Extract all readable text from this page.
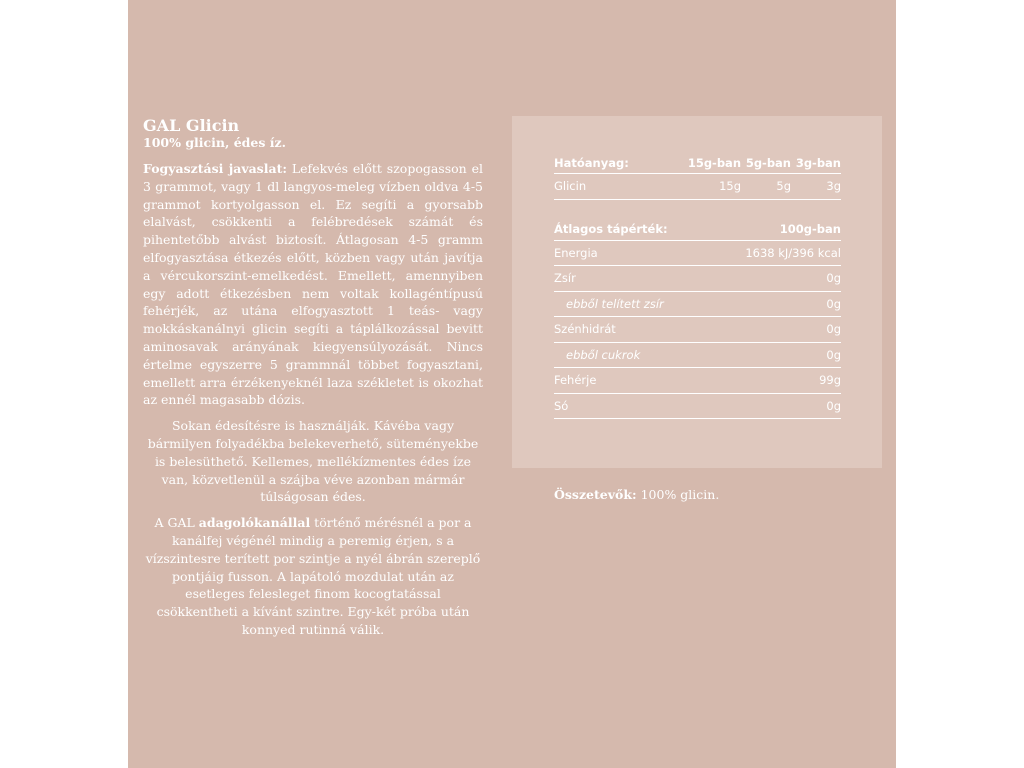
GAL Glicin
100% glicin, édes íz.

Fogyasztási javaslat: Lefekvés előtt szopogasson el 3 grammot, vagy 1 dl langyos-meleg vízben oldva 4-5 grammot kortyolgasson el. Ez segíti a gyorsabb elalvást, csökkenti a felébredések számát és pihentetőbb alvást biztosít. Átlagosan 4-5 gramm elfogyasztása étkezés előtt, közben vagy után javítja a vércukorszint-emelkedést. Emellett, amennyiben egy adott étkezésben nem voltak kollagéntípusú fehérjék, az utána elfogyasztott 1 teás- vagy mokkáskanálnyi glicin segíti a táplálkozással bevitt aminosavak arányának kiegyensúlyozását. Nincs értelme egyszerre 5 grammnál többet fogyasztani, emellett arra érzékenyeknél laza székletet is okozhat az ennél magasabb dózis.

Sokan édesítésre is használják. Kávéba vagy bármilyen folyadékba belekeverhető, süteményekbe is belesüthető. Kellemes, mellékízmentes édes íze van, közvetlenül a szájba véve azonban mármár túlságosan édes.

A GAL adagolókanállal történő mérésnél a por a kanálfej végénél mindig a peremig érjen, s a vízszintesre terített por szintje a nyél ábrán szereplő pontjáig fusson. A lapátoló mozdulat után az esetleges felesleget finom kocogtatással csökkentheti a kívánt szintre. Egy-két próba után konnyed rutinná válik.

Hatóanyag:	15g-ban 5g-ban 3g-ban
Glicin	15g	5g	3g
Átlagos tápérték:	100g-ban
Energia	1638 kJ/396 kcal
Zsír	0g
ebből telített zsír	0g
Szénhidrát	0g
ebből cukrok	0g
Fehérje	99g
Só	0g
Összetevők: 100% glicin.
